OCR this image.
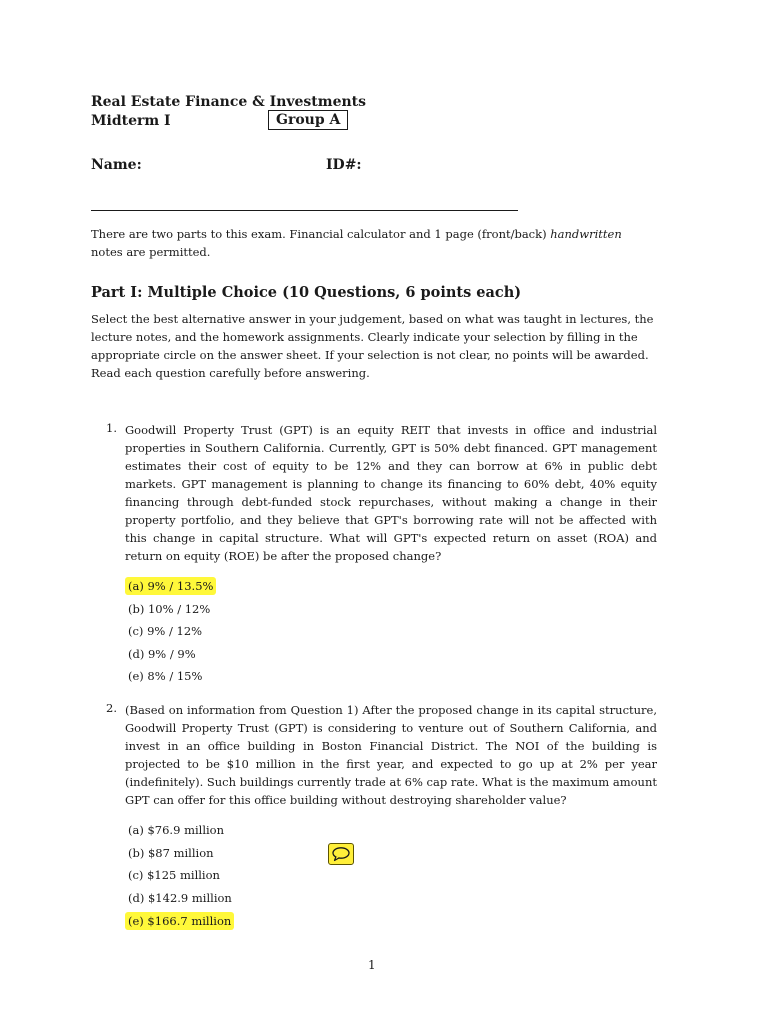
Real Estate Finance & Investments
Midterm I	Group A
Name:	ID#:
There are two parts to this exam. Financial calculator and 1 page (front/back) handwritten notes are permitted.
Part I: Multiple Choice (10 Questions, 6 points each)
Select the best alternative answer in your judgement, based on what was taught in lectures, the lecture notes, and the homework assignments. Clearly indicate your selection by filling in the appropriate circle on the answer sheet. If your selection is not clear, no points will be awarded. Read each question carefully before answering.
1. Goodwill Property Trust (GPT) is an equity REIT that invests in office and industrial properties in Southern California. Currently, GPT is 50% debt financed. GPT management estimates their cost of equity to be 12% and they can borrow at 6% in public debt markets. GPT management is planning to change its financing to 60% debt, 40% equity financing through debt-funded stock repurchases, without making a change in their property portfolio, and they believe that GPT's borrowing rate will not be affected with this change in capital structure. What will GPT's expected return on asset (ROA) and return on equity (ROE) be after the proposed change?
(a) 9% / 13.5%
(b) 10% / 12%
(c) 9% / 12%
(d) 9% / 9%
(e) 8% / 15%
2. (Based on information from Question 1) After the proposed change in its capital structure, Goodwill Property Trust (GPT) is considering to venture out of Southern California, and invest in an office building in Boston Financial District. The NOI of the building is projected to be $10 million in the first year, and expected to go up at 2% per year (indefinitely). Such buildings currently trade at 6% cap rate. What is the maximum amount GPT can offer for this office building without destroying shareholder value?
(a) $76.9 million
(b) $87 million
(c) $125 million
(d) $142.9 million
(e) $166.7 million
1
